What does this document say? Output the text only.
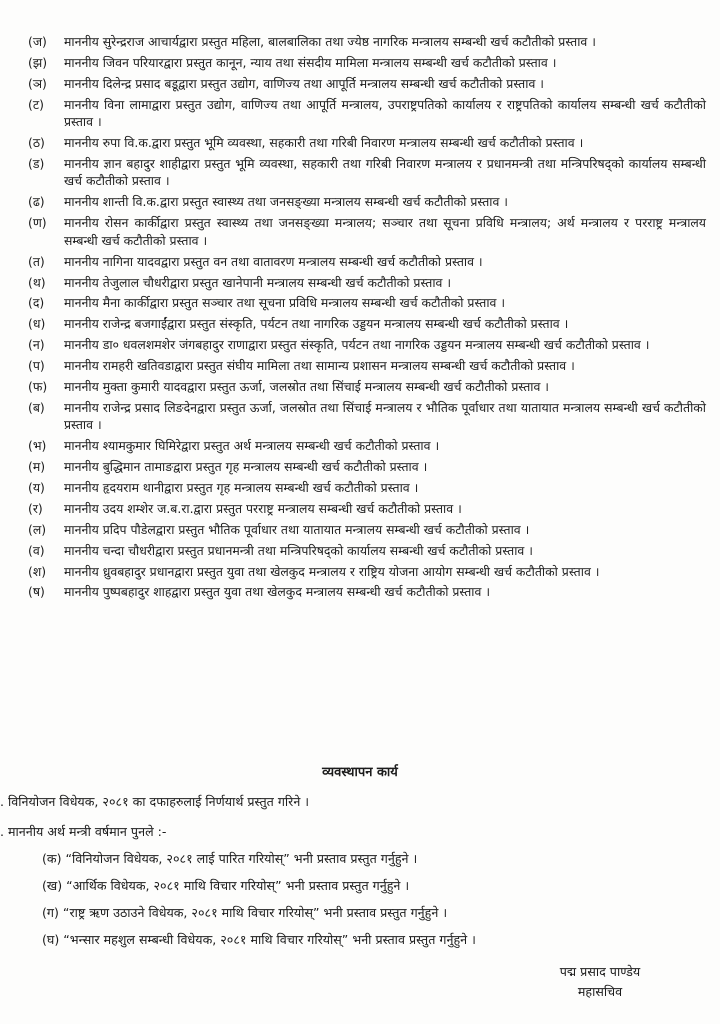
(ज)	माननीय सुरेन्द्रराज आचार्यद्वारा प्रस्तुत महिला, बालबालिका तथा ज्येष्ठ नागरिक मन्त्रालय सम्बन्धी खर्च कटौतीको प्रस्ताव ।
(झ)	माननीय जिवन परियारद्वारा प्रस्तुत कानून, न्याय तथा संसदीय मामिला मन्त्रालय सम्बन्धी खर्च कटौतीको प्रस्ताव ।
(ञ)	माननीय दिलेन्द्र प्रसाद बडूद्वारा प्रस्तुत उद्योग, वाणिज्य तथा आपूर्ति मन्त्रालय सम्बन्धी खर्च कटौतीको प्रस्ताव ।
(ट)	माननीय विना लामाद्वारा प्रस्तुत उद्योग, वाणिज्य तथा आपूर्ति मन्त्रालय, उपराष्ट्रपतिको कार्यालय र राष्ट्रपतिको कार्यालय सम्बन्धी खर्च कटौतीको प्रस्ताव ।
(ठ)	माननीय रुपा वि.क.द्वारा प्रस्तुत भूमि व्यवस्था, सहकारी तथा गरिबी निवारण मन्त्रालय सम्बन्धी खर्च कटौतीको प्रस्ताव ।
(ड)	माननीय ज्ञान बहादुर शाहीद्वारा प्रस्तुत भूमि व्यवस्था, सहकारी तथा गरिबी निवारण मन्त्रालय र प्रधानमन्त्री तथा मन्त्रिपरिषद्को कार्यालय सम्बन्धी खर्च कटौतीको प्रस्ताव ।
(ढ)	माननीय शान्ती वि.क.द्वारा प्रस्तुत स्वास्थ्य तथा जनसङ्ख्या मन्त्रालय सम्बन्धी खर्च कटौतीको प्रस्ताव ।
(ण)	माननीय रोसन कार्कीद्वारा प्रस्तुत स्वास्थ्य तथा जनसङ्ख्या मन्त्रालय; सञ्चार तथा सूचना प्रविधि मन्त्रालय; अर्थ मन्त्रालय र परराष्ट्र मन्त्रालय सम्बन्धी खर्च कटौतीको प्रस्ताव ।
(त)	माननीय नागिना यादवद्वारा प्रस्तुत वन तथा वातावरण मन्त्रालय सम्बन्धी खर्च कटौतीको प्रस्ताव ।
(थ)	माननीय तेजुलाल चौधरीद्वारा प्रस्तुत खानेपानी मन्त्रालय सम्बन्धी खर्च कटौतीको प्रस्ताव ।
(द)	माननीय मैना कार्कीद्वारा प्रस्तुत सञ्चार तथा सूचना प्रविधि मन्त्रालय सम्बन्धी खर्च कटौतीको प्रस्ताव ।
(ध)	माननीय राजेन्द्र बजगाईंद्वारा प्रस्तुत संस्कृति, पर्यटन तथा नागरिक उड्डयन मन्त्रालय सम्बन्धी खर्च कटौतीको प्रस्ताव ।
(न)	माननीय डा० धवलशमशेर जंगबहादुर राणाद्वारा प्रस्तुत संस्कृति, पर्यटन तथा नागरिक उड्डयन मन्त्रालय सम्बन्धी खर्च कटौतीको प्रस्ताव ।
(प)	माननीय रामहरी खतिवडाद्वारा प्रस्तुत संघीय मामिला तथा सामान्य प्रशासन मन्त्रालय सम्बन्धी खर्च कटौतीको प्रस्ताव ।
(फ)	माननीय मुक्ता कुमारी यादवद्वारा प्रस्तुत ऊर्जा, जलस्रोत तथा सिंचाई मन्त्रालय सम्बन्धी खर्च कटौतीको प्रस्ताव ।
(ब)	माननीय राजेन्द्र प्रसाद लिङदेनद्वारा प्रस्तुत ऊर्जा, जलस्रोत तथा सिंचाई मन्त्रालय र भौतिक पूर्वाधार तथा यातायात मन्त्रालय सम्बन्धी खर्च कटौतीको प्रस्ताव ।
(भ)	माननीय श्यामकुमार घिमिरेद्वारा प्रस्तुत अर्थ मन्त्रालय सम्बन्धी खर्च कटौतीको प्रस्ताव ।
(म)	माननीय बुद्धिमान तामाङद्वारा प्रस्तुत गृह मन्त्रालय सम्बन्धी खर्च कटौतीको प्रस्ताव ।
(य)	माननीय हृदयराम थानीद्वारा प्रस्तुत गृह मन्त्रालय सम्बन्धी खर्च कटौतीको प्रस्ताव ।
(र)	माननीय उदय शम्शेर ज.ब.रा.द्वारा प्रस्तुत परराष्ट्र मन्त्रालय सम्बन्धी खर्च कटौतीको प्रस्ताव ।
(ल)	माननीय प्रदिप पौडेलद्वारा प्रस्तुत भौतिक पूर्वाधार तथा यातायात मन्त्रालय सम्बन्धी खर्च कटौतीको प्रस्ताव ।
(व)	माननीय चन्दा चौधरीद्वारा प्रस्तुत प्रधानमन्त्री तथा मन्त्रिपरिषद्को कार्यालय सम्बन्धी खर्च कटौतीको प्रस्ताव ।
(श)	माननीय ध्रुवबहादुर प्रधानद्वारा प्रस्तुत युवा तथा खेलकुद मन्त्रालय र राष्ट्रिय योजना आयोग सम्बन्धी खर्च कटौतीको प्रस्ताव ।
(ष)	माननीय पुष्पबहादुर शाहद्वारा प्रस्तुत युवा तथा खेलकुद मन्त्रालय सम्बन्धी खर्च कटौतीको प्रस्ताव ।
व्यवस्थापन कार्य
. विनियोजन विधेयक, २०८१ का दफाहरुलाई निर्णयार्थ प्रस्तुत गरिने ।
. माननीय अर्थ मन्त्री वर्षमान पुनले :-
(क) “विनियोजन विधेयक, २०८१ लाई पारित गरियोस्” भनी प्रस्ताव प्रस्तुत गर्नुहुने ।
(ख) “आर्थिक विधेयक, २०८१ माथि विचार गरियोस्” भनी प्रस्ताव प्रस्तुत गर्नुहुने ।
(ग) “राष्ट्र ऋण उठाउने विधेयक, २०८१ माथि विचार गरियोस्” भनी प्रस्ताव प्रस्तुत गर्नुहुने ।
(घ) “भन्सार महशुल सम्बन्धी विधेयक, २०८१ माथि विचार गरियोस्” भनी प्रस्ताव प्रस्तुत गर्नुहुने ।
पद्म प्रसाद पाण्डेय
महासचिव
